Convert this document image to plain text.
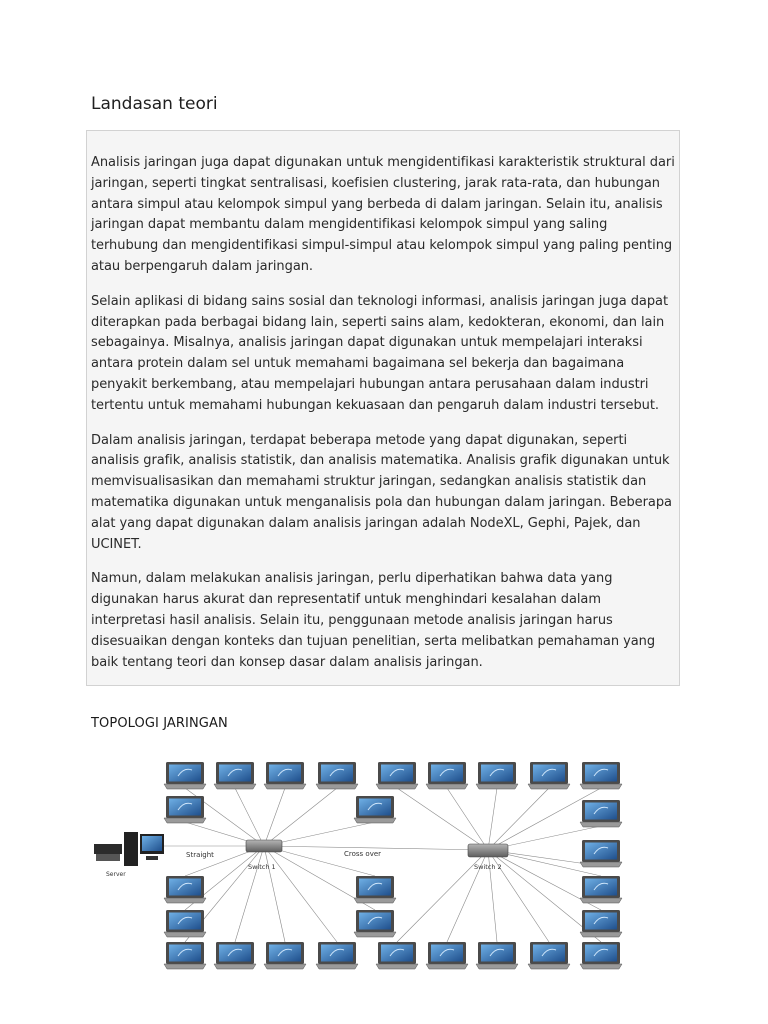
Landasan teori

Analisis jaringan juga dapat digunakan untuk mengidentifikasi karakteristik struktural dari jaringan, seperti tingkat sentralisasi, koefisien clustering, jarak rata-rata, dan hubungan antara simpul atau kelompok simpul yang berbeda di dalam jaringan. Selain itu, analisis jaringan dapat membantu dalam mengidentifikasi kelompok simpul yang saling terhubung dan mengidentifikasi simpul-simpul atau kelompok simpul yang paling penting atau berpengaruh dalam jaringan.

Selain aplikasi di bidang sains sosial dan teknologi informasi, analisis jaringan juga dapat diterapkan pada berbagai bidang lain, seperti sains alam, kedokteran, ekonomi, dan lain sebagainya. Misalnya, analisis jaringan dapat digunakan untuk mempelajari interaksi antara protein dalam sel untuk memahami bagaimana sel bekerja dan bagaimana penyakit berkembang, atau mempelajari hubungan antara perusahaan dalam industri tertentu untuk memahami hubungan kekuasaan dan pengaruh dalam industri tersebut.

Dalam analisis jaringan, terdapat beberapa metode yang dapat digunakan, seperti analisis grafik, analisis statistik, dan analisis matematika. Analisis grafik digunakan untuk memvisualisasikan dan memahami struktur jaringan, sedangkan analisis statistik dan matematika digunakan untuk menganalisis pola dan hubungan dalam jaringan. Beberapa alat yang dapat digunakan dalam analisis jaringan adalah NodeXL, Gephi, Pajek, dan UCINET.

Namun, dalam melakukan analisis jaringan, perlu diperhatikan bahwa data yang digunakan harus akurat dan representatif untuk menghindari kesalahan dalam interpretasi hasil analisis. Selain itu, penggunaan metode analisis jaringan harus disesuaikan dengan konteks dan tujuan penelitian, serta melibatkan pemahaman yang baik tentang teori dan konsep dasar dalam analisis jaringan.

TOPOLOGI JARINGAN
Switch 1	Switch 2
Server
Straight	Cross over
